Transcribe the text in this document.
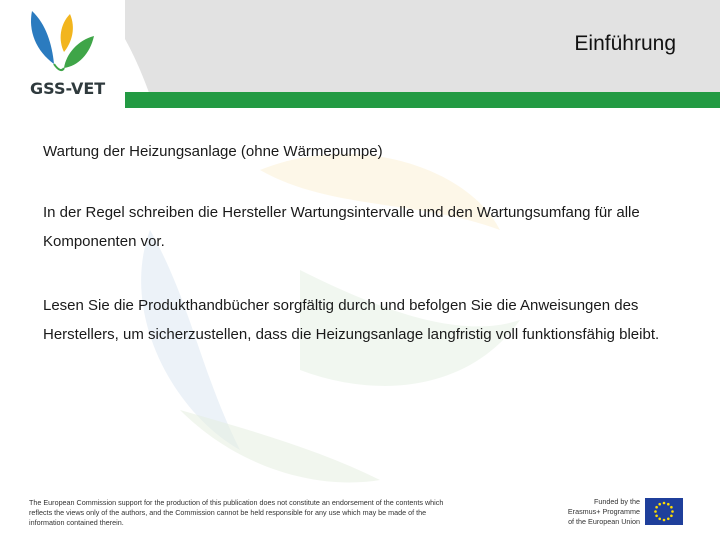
Einführung
GSS-VET

Wartung der Heizungsanlage (ohne Wärmepumpe)

In der Regel schreiben die Hersteller Wartungsintervalle und den Wartungsumfang für alle Komponenten vor.

Lesen Sie die Produkthandbücher sorgfältig durch und befolgen Sie die Anweisungen des Herstellers, um sicherzustellen, dass die Heizungsanlage langfristig voll funktionsfähig bleibt.

The European Commission support for the production of this publication does not constitute an endorsement of the contents which reflects the views only of the authors, and the Commission cannot be held responsible for any use which may be made of the information contained therein.
Funded by the
Erasmus+ Programme
of the European Union
